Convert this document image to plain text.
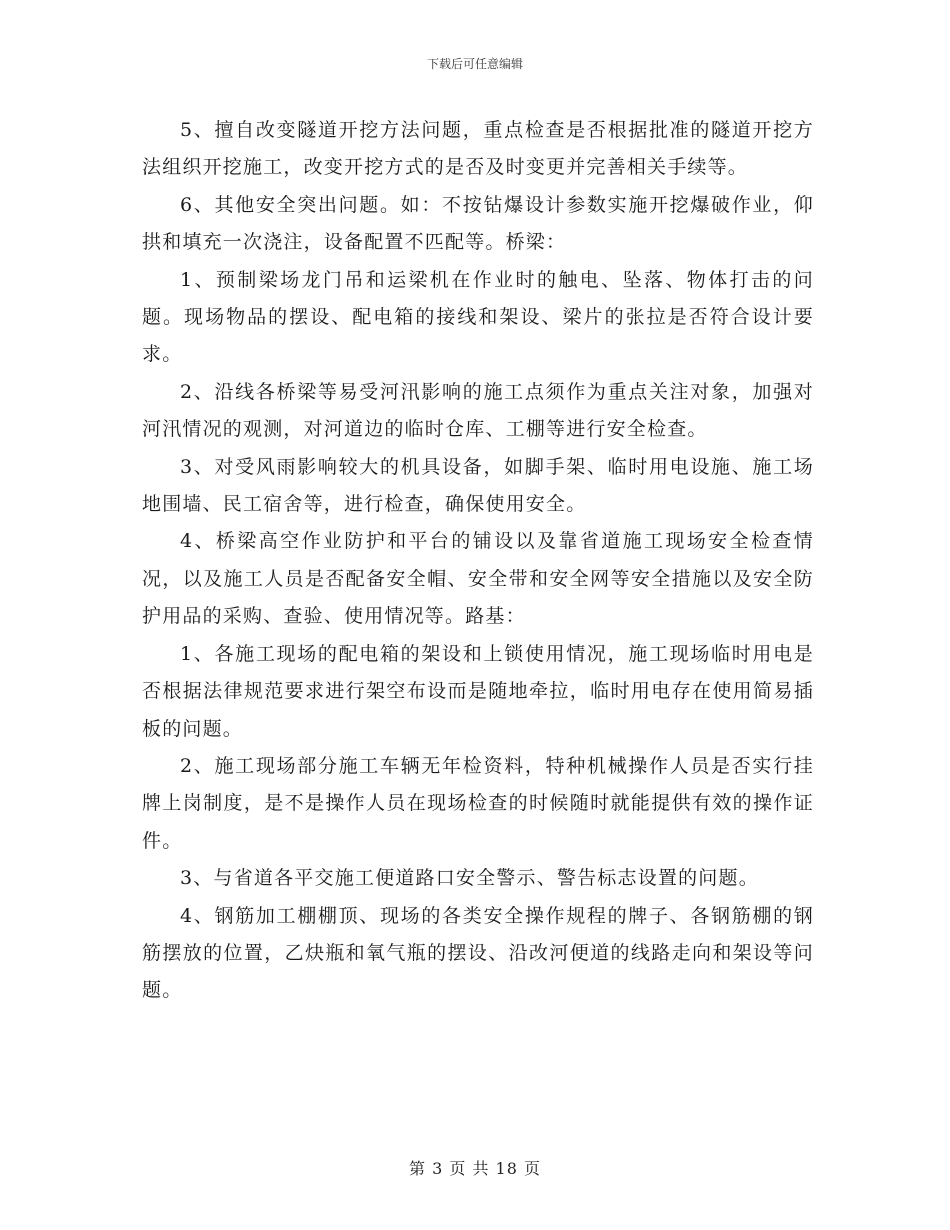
下载后可任意编辑

5、擅自改变隧道开挖方法问题，重点检查是否根据批准的隧道开挖方法组织开挖施工，改变开挖方式的是否及时变更并完善相关手续等。

6、其他安全突出问题。如：不按钻爆设计参数实施开挖爆破作业，仰拱和填充一次浇注，设备配置不匹配等。桥梁：

1、预制梁场龙门吊和运梁机在作业时的触电、坠落、物体打击的问题。现场物品的摆设、配电箱的接线和架设、梁片的张拉是否符合设计要求。

2、沿线各桥梁等易受河汛影响的施工点须作为重点关注对象，加强对河汛情况的观测，对河道边的临时仓库、工棚等进行安全检查。

3、对受风雨影响较大的机具设备，如脚手架、临时用电设施、施工场地围墙、民工宿舍等，进行检查，确保使用安全。

4、桥梁高空作业防护和平台的铺设以及靠省道施工现场安全检查情况，以及施工人员是否配备安全帽、安全带和安全网等安全措施以及安全防护用品的采购、查验、使用情况等。路基：

1、各施工现场的配电箱的架设和上锁使用情况，施工现场临时用电是否根据法律规范要求进行架空布设而是随地牵拉，临时用电存在使用简易插板的问题。

2、施工现场部分施工车辆无年检资料，特种机械操作人员是否实行挂牌上岗制度，是不是操作人员在现场检查的时候随时就能提供有效的操作证件。

3、与省道各平交施工便道路口安全警示、警告标志设置的问题。

4、钢筋加工棚棚顶、现场的各类安全操作规程的牌子、各钢筋棚的钢筋摆放的位置，乙炔瓶和氧气瓶的摆设、沿改河便道的线路走向和架设等问题。

第 3 页 共 18 页
